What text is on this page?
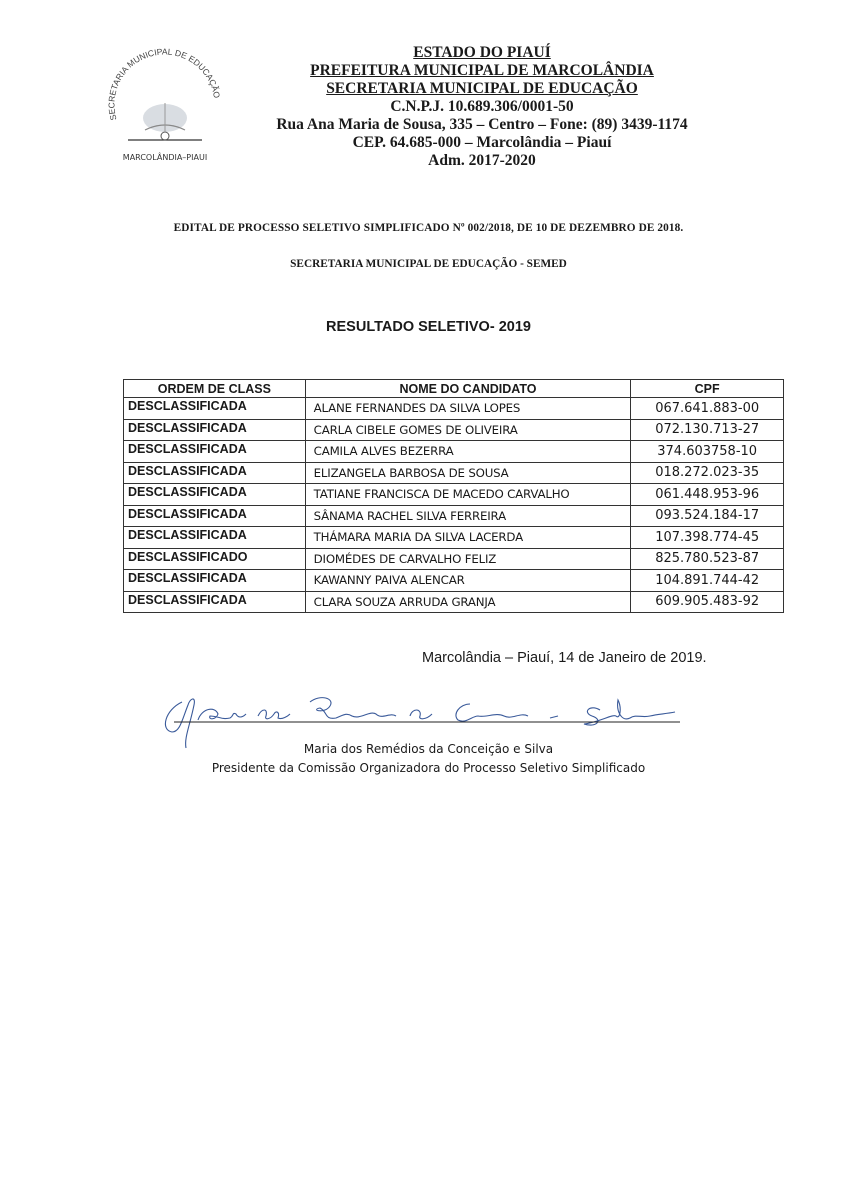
SECRETARIA MUNICIPAL DE EDUCAÇÃO
MARCOLÂNDIA–PIAUI
ESTADO DO PIAUÍ
PREFEITURA MUNICIPAL DE MARCOLÂNDIA
SECRETARIA MUNICIPAL DE EDUCAÇÃO
C.N.P.J. 10.689.306/0001-50
Rua Ana Maria de Sousa, 335 – Centro – Fone: (89) 3439-1174
CEP. 64.685-000 – Marcolândia – Piauí
Adm. 2017-2020
EDITAL DE PROCESSO SELETIVO SIMPLIFICADO Nº 002/2018, DE 10 DE DEZEMBRO DE 2018.
SECRETARIA MUNICIPAL DE EDUCAÇÃO - SEMED
RESULTADO SELETIVO- 2019
ORDEM DE CLASS	NOME DO CANDIDATO	CPF
DESCLASSIFICADA	ALANE FERNANDES DA SILVA LOPES	067.641.883-00
DESCLASSIFICADA	CARLA CIBELE GOMES DE OLIVEIRA	072.130.713-27
DESCLASSIFICADA	CAMILA ALVES BEZERRA	374.603758-10
DESCLASSIFICADA	ELIZANGELA BARBOSA DE SOUSA	018.272.023-35
DESCLASSIFICADA	TATIANE FRANCISCA DE MACEDO CARVALHO	061.448.953-96
DESCLASSIFICADA	SÂNAMA RACHEL SILVA FERREIRA	093.524.184-17
DESCLASSIFICADA	THÁMARA MARIA DA SILVA LACERDA	107.398.774-45
DESCLASSIFICADO	DIOMÉDES DE CARVALHO FELIZ	825.780.523-87
DESCLASSIFICADA	KAWANNY PAIVA ALENCAR	104.891.744-42
DESCLASSIFICADA	CLARA SOUZA ARRUDA GRANJA	609.905.483-92
Marcolândia – Piauí, 14 de Janeiro de 2019.
Maria dos Remédios da Conceição e Silva
Presidente da Comissão Organizadora do Processo Seletivo Simplificado
